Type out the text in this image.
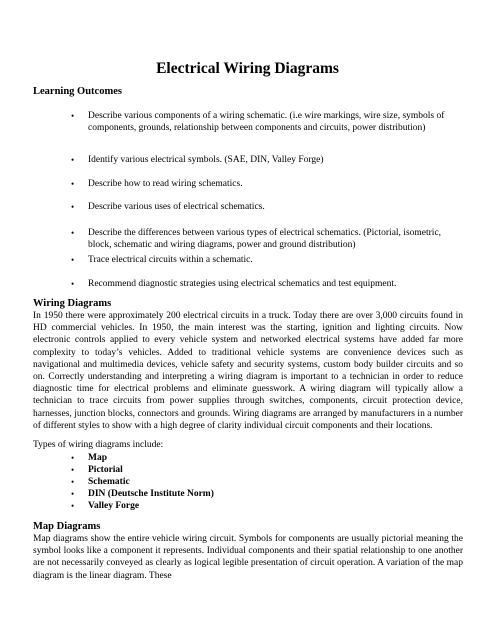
Electrical Wiring Diagrams
Learning Outcomes
• Describe various components of a wiring schematic. (i.e wire markings, wire size, symbols of components, grounds, relationship between components and circuits, power distribution)
• Identify various electrical symbols. (SAE, DIN, Valley Forge)
• Describe how to read wiring schematics.
• Describe various uses of electrical schematics.
• Describe the differences between various types of electrical schematics. (Pictorial, isometric, block, schematic and wiring diagrams, power and ground distribution)
• Trace electrical circuits within a schematic.
• Recommend diagnostic strategies using electrical schematics and test equipment.
Wiring Diagrams

In 1950 there were approximately 200 electrical circuits in a truck. Today there are over 3,000 circuits found in HD commercial vehicles. In 1950, the main interest was the starting, ignition and lighting circuits. Now electronic controls applied to every vehicle system and networked electrical systems have added far more complexity to today’s vehicles. Added to traditional vehicle systems are convenience devices such as navigational and multimedia devices, vehicle safety and security systems, custom body builder circuits and so on. Correctly understanding and interpreting a wiring diagram is important to a technician in order to reduce diagnostic time for electrical problems and eliminate guesswork. A wiring diagram will typically allow a technician to trace circuits from power supplies through switches, components, circuit protection device, harnesses, junction blocks, connectors and grounds. Wiring diagrams are arranged by manufacturers in a number of different styles to show with a high degree of clarity individual circuit components and their locations.

Types of wiring diagrams include:

• Map
• Pictorial
• Schematic
• DIN (Deutsche Institute Norm)
• Valley Forge
Map Diagrams

Map diagrams show the entire vehicle wiring circuit. Symbols for components are usually pictorial meaning the symbol looks like a component it represents. Individual components and their spatial relationship to one another are not necessarily conveyed as clearly as logical legible presentation of circuit operation. A variation of the map diagram is the linear diagram. These
